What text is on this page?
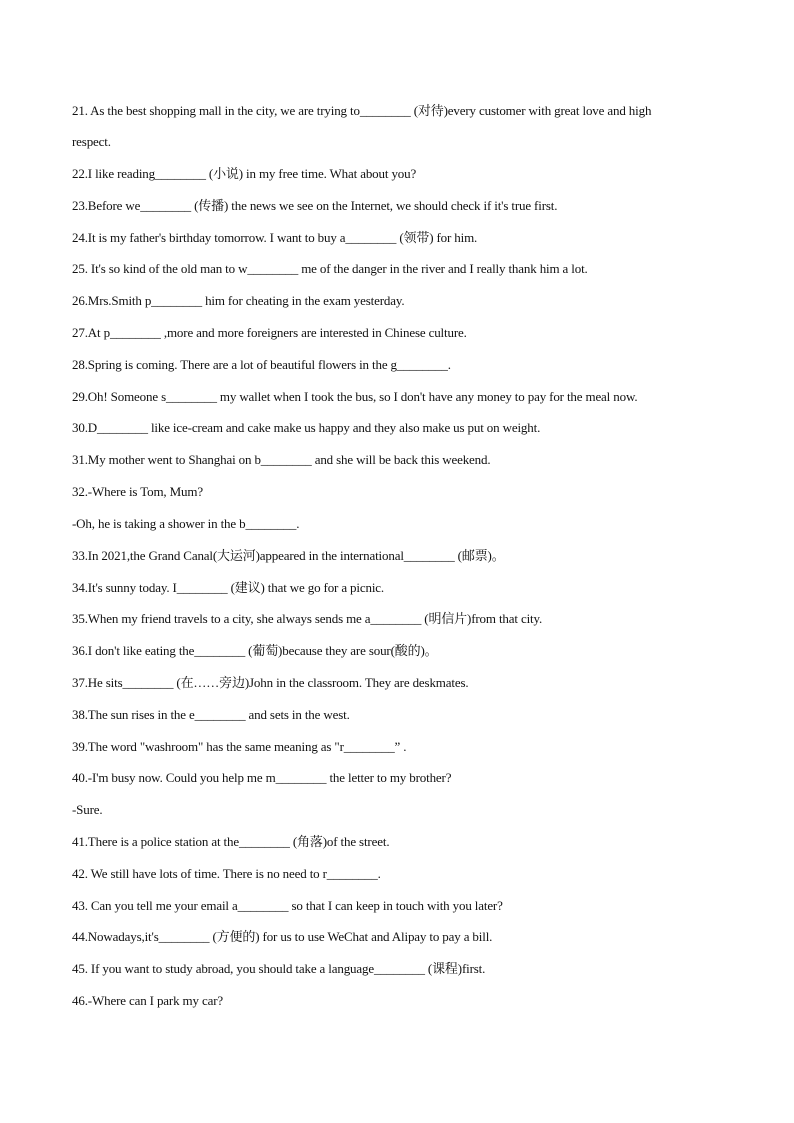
21. As the best shopping mall in the city, we are trying to________ (对待)every customer with great love and high
respect.
22.I like reading________ (小说) in my free time. What about you?
23.Before we________ (传播) the news we see on the Internet, we should check if it's true first.
24.It is my father's birthday tomorrow. I want to buy a________ (领带) for him.
25. It's so kind of the old man to w________ me of the danger in the river and I really thank him a lot.
26.Mrs.Smith p________ him for cheating in the exam yesterday.
27.At p________ ,more and more foreigners are interested in Chinese culture.
28.Spring is coming. There are a lot of beautiful flowers in the g________.
29.Oh! Someone s________ my wallet when I took the bus, so I don't have any money to pay for the meal now.
30.D________ like ice-cream and cake make us happy and they also make us put on weight.
31.My mother went to Shanghai on b________ and she will be back this weekend.
32.-Where is Tom, Mum?
-Oh, he is taking a shower in the b________.
33.In 2021,the Grand Canal(大运河)appeared in the international________ (邮票)。
34.It's sunny today. I________ (建议) that we go for a picnic.
35.When my friend travels to a city, she always sends me a________ (明信片)from that city.
36.I don't like eating the________ (葡萄)because they are sour(酸的)。
37.He sits________ (在……旁边)John in the classroom. They are deskmates.
38.The sun rises in the e________ and sets in the west.
39.The word "washroom" has the same meaning as "r________” .
40.-I'm busy now. Could you help me m________ the letter to my brother?
-Sure.
41.There is a police station at the________ (角落)of the street.
42. We still have lots of time. There is no need to r________.
43. Can you tell me your email a________ so that I can keep in touch with you later?
44.Nowadays,it's________ (方便的) for us to use WeChat and Alipay to pay a bill.
45. If you want to study abroad, you should take a language________ (课程)first.
46.-Where can I park my car?
